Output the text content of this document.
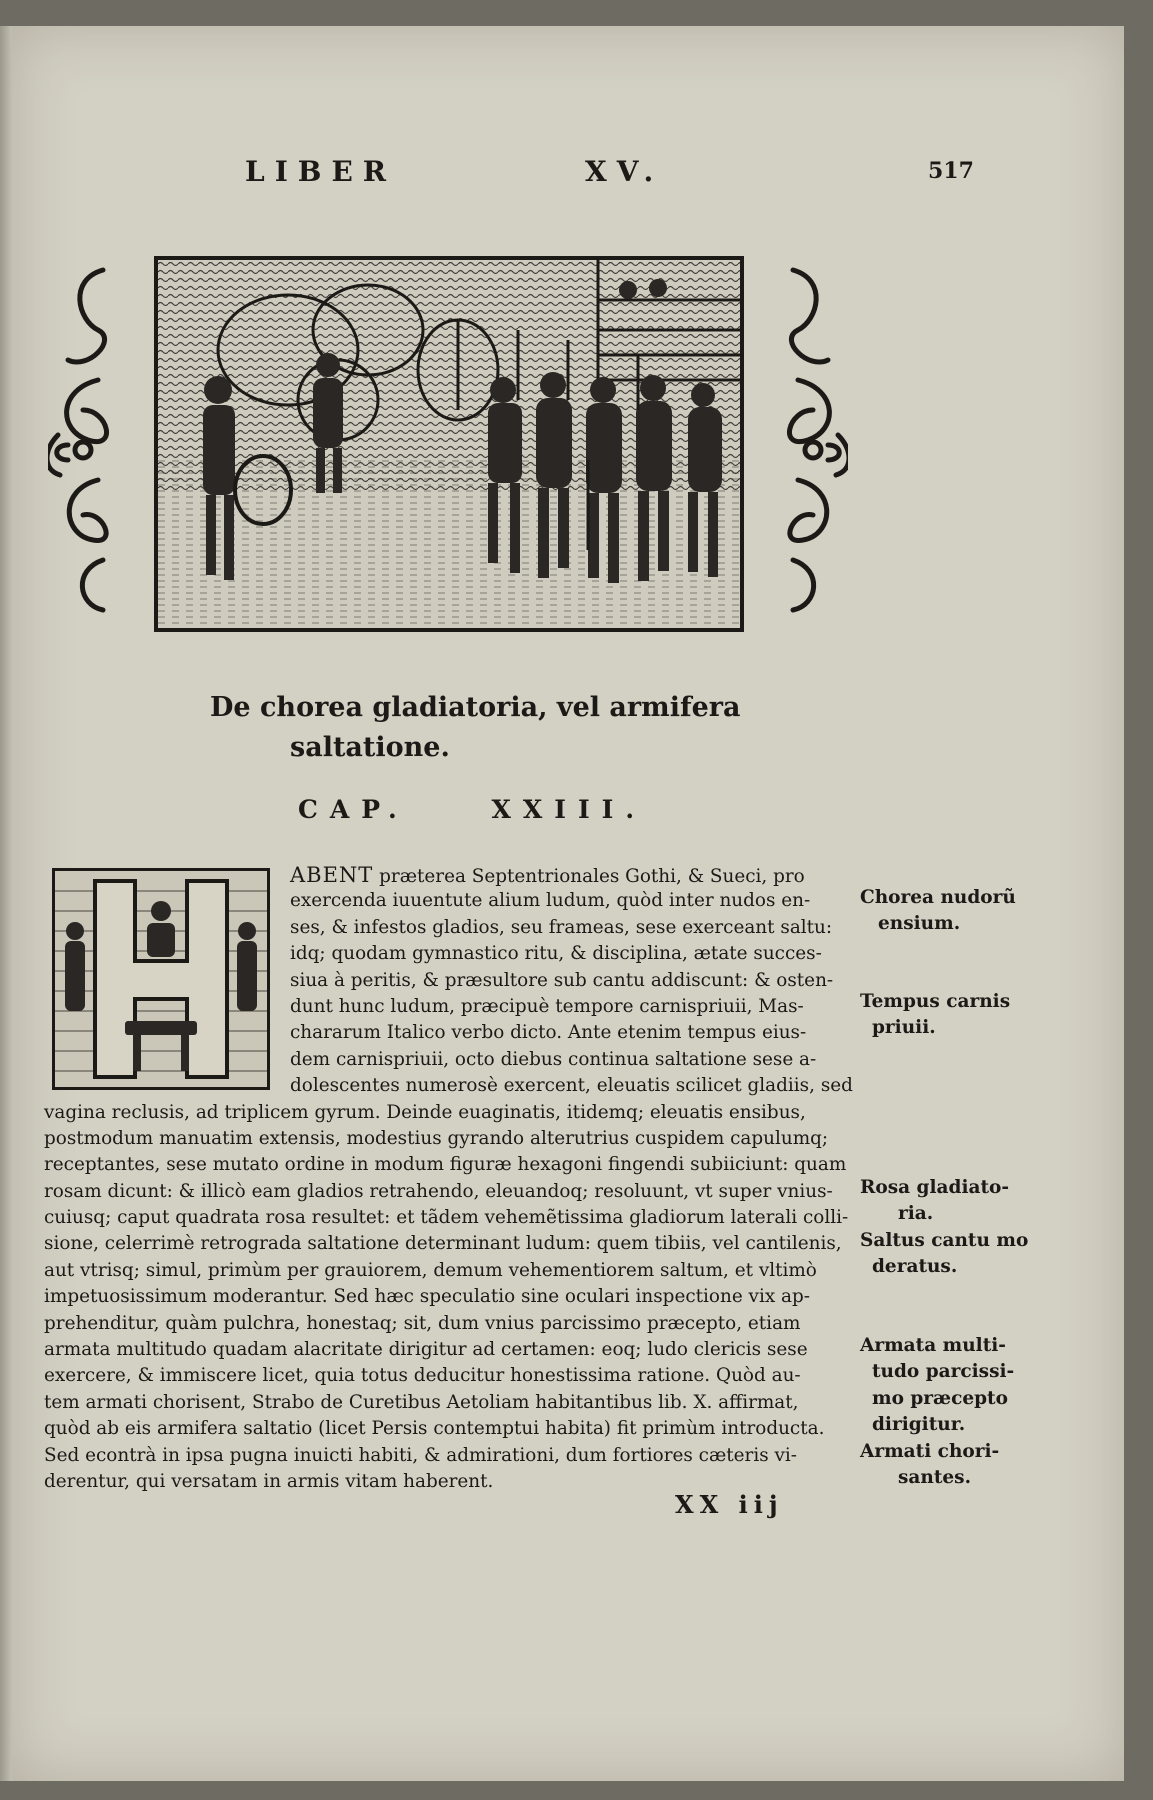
LIBER	XV.	517
De chorea gladiatoria, vel armifera
saltatione.
CAP.    XXIII.
ABENT præterea Septentrionales Gothi, & Sueci, pro
exercenda iuuentute alium ludum, quòd inter nudos en-
ses, & infestos gladios, seu frameas, sese exerceant saltu:
idq; quodam gymnastico ritu, & disciplina, ætate succes-
siua à peritis, & præsultore sub cantu addiscunt: & osten-
dunt hunc ludum, præcipuè tempore carnispriuii, Mas-
chararum Italico verbo dicto. Ante etenim tempus eius-
dem carnispriuii, octo diebus continua saltatione sese a-
dolescentes numerosè exercent, eleuatis scilicet gladiis, sed
vagina reclusis, ad triplicem gyrum. Deinde euaginatis, itidemq; eleuatis ensibus,
postmodum manuatim extensis, modestius gyrando alterutrius cuspidem capulumq;
receptantes, sese mutato ordine in modum figuræ hexagoni fingendi subiiciunt: quam
rosam dicunt: & illicò eam gladios retrahendo, eleuandoq; resoluunt, vt super vnius-
cuiusq; caput quadrata rosa resultet: et tãdem vehemẽtissima gladiorum laterali colli-
sione, celerrimè retrograda saltatione determinant ludum: quem tibiis, vel cantilenis,
aut vtrisq; simul, primùm per grauiorem, demum vehementiorem saltum, et vltimò
impetuosissimum moderantur. Sed hæc speculatio sine oculari inspectione vix ap-
prehenditur, quàm pulchra, honestaq; sit, dum vnius parcissimo præcepto, etiam
armata multitudo quadam alacritate dirigitur ad certamen: eoq; ludo clericis sese
exercere, & immiscere licet, quia totus deducitur honestissima ratione. Quòd au-
tem armati chorisent, Strabo de Curetibus Aetoliam habitantibus lib. X. affirmat,
quòd ab eis armifera saltatio (licet Persis contemptui habita) fit primùm introducta.
Sed econtrà in ipsa pugna inuicti habiti, & admirationi, dum fortiores cæteris vi-
derentur, qui versatam in armis vitam haberent.
Chorea nudorũ
ensium.
Tempus carnis
priuii.
Rosa gladiato-
ria.
Saltus cantu mo
deratus.
Armata multi-
tudo parcissi-
mo præcepto
dirigitur.
Armati chori-
santes.
XX iij
